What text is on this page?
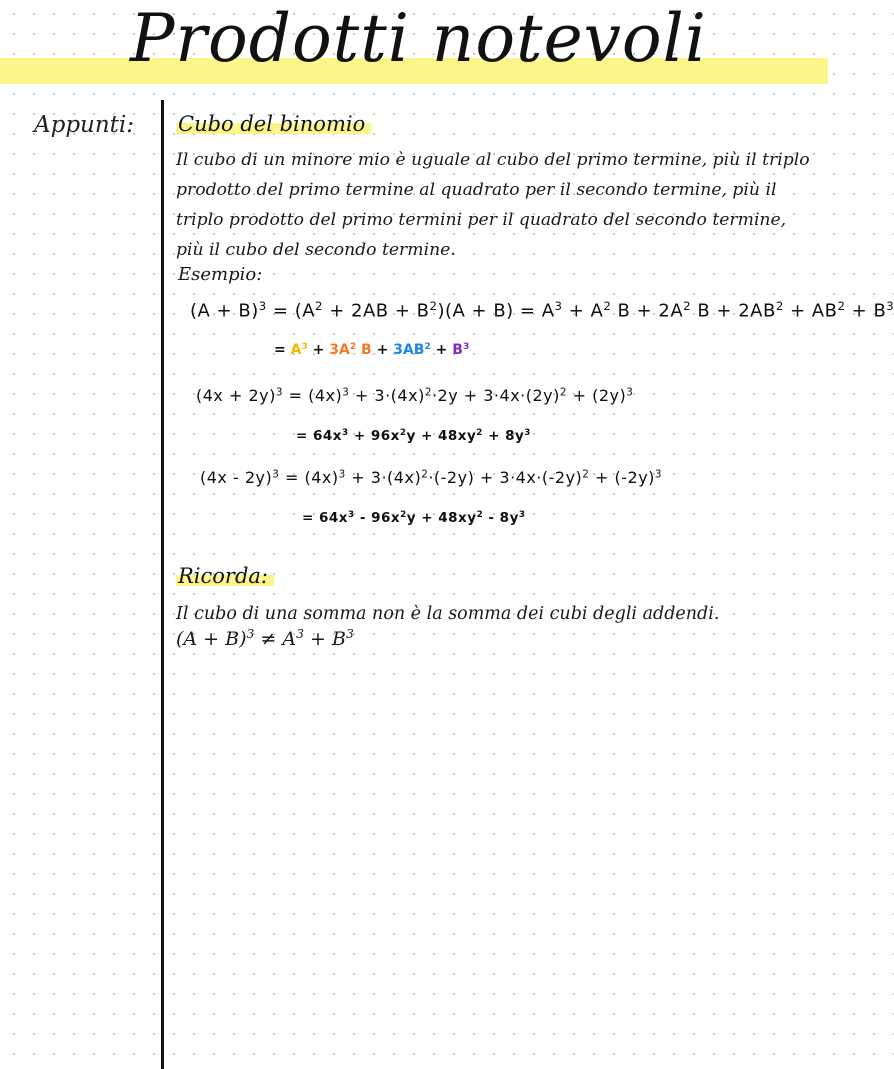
Prodotti notevoli
Appunti: Cubo del binomio
Il cubo di un minore mio è uguale al cubo del primo termine, più il triplo prodotto del primo termine al quadrato per il secondo termine, più il triplo prodotto del primo termini per il quadrato del secondo termine, più il cubo del secondo termine.
Esempio:
$(A + B)^3 = (A^2 + 2AB + B^2)(A + B) = A^3 + A^2$ $B + 2A^2$ $B + 2AB^2 + AB^2 + B^3$
= $A^3 + 3A^2$ $B + 3AB^2 + B^3$
$(4x + 2y)^3 = (4x)^3 + 3\cdot(4x)^2\cdot 2y + 3\cdot 4x\cdot(2y)^2 + (2y)^3$
= $64x^3 + 96x^2y + 48xy^2 + 8y^3$
$(4x - 2y)^3 = (4x)^3 + 3\cdot(4x)^2\cdot(-2y) + 3\cdot 4x\cdot(-2y)^2 + (-2y)^3$
= $64x^3 - 96x^2y + 48xy^2 - 8y^3$
Ricorda:
Il cubo di una somma non è la somma dei cubi degli addendi.
$(A + B)^3 \ne A^3 + B^3$
